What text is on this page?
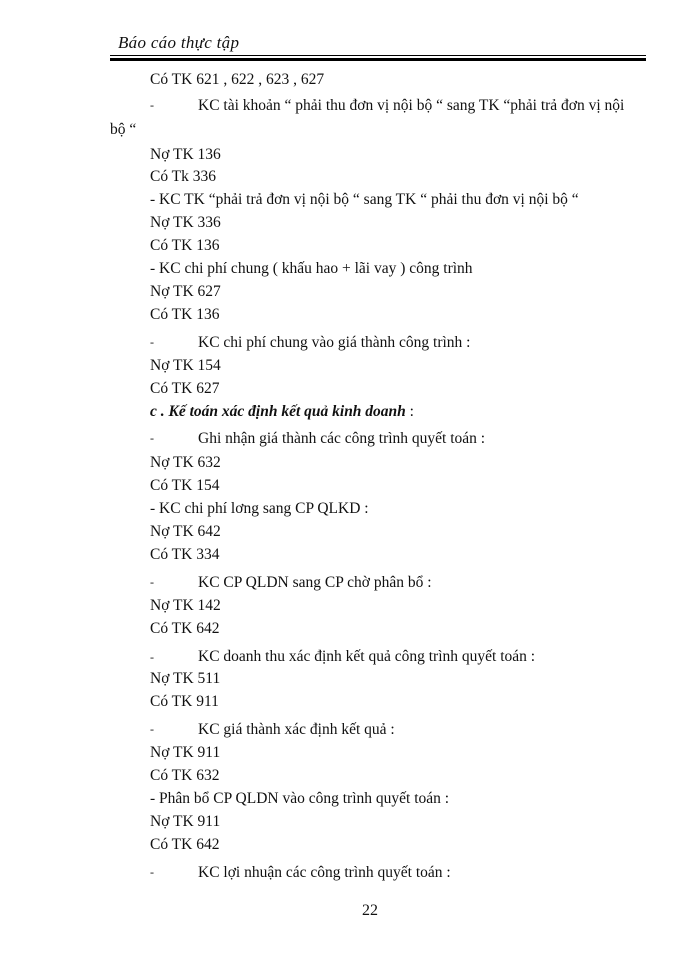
Báo cáo thực tập
Có TK 621 , 622 , 623 , 627
-	KC tài khoản “ phải thu đơn vị nội bộ “ sang TK “phải trả đơn vị nội
bộ “
Nợ TK 136
Có Tk 336
- KC TK “phải trả đơn vị nội bộ “ sang TK “ phải thu đơn vị nội bộ “
Nợ TK 336
Có TK 136
- KC chi phí chung ( khấu hao + lãi vay ) công trình
Nợ TK 627
Có TK 136
-	KC chi phí chung vào giá thành công trình :
Nợ TK 154
Có TK 627
c . Kế toán xác định kết quả kinh doanh :
-	Ghi nhận giá thành các công trình quyết toán :
Nợ TK 632
Có TK 154
- KC chi phí lơng sang CP QLKD :
Nợ TK 642
Có TK 334
-	KC CP QLDN sang CP chờ phân bổ :
Nợ TK 142
Có TK 642
-	KC doanh thu xác định kết quả công trình quyết toán :
Nợ TK 511
Có TK 911
-	KC giá thành xác định kết quả :
Nợ TK 911
Có TK 632
- Phân bổ CP QLDN vào công trình quyết toán :
Nợ TK 911
Có TK 642
-	KC lợi nhuận các công trình quyết toán :
22
